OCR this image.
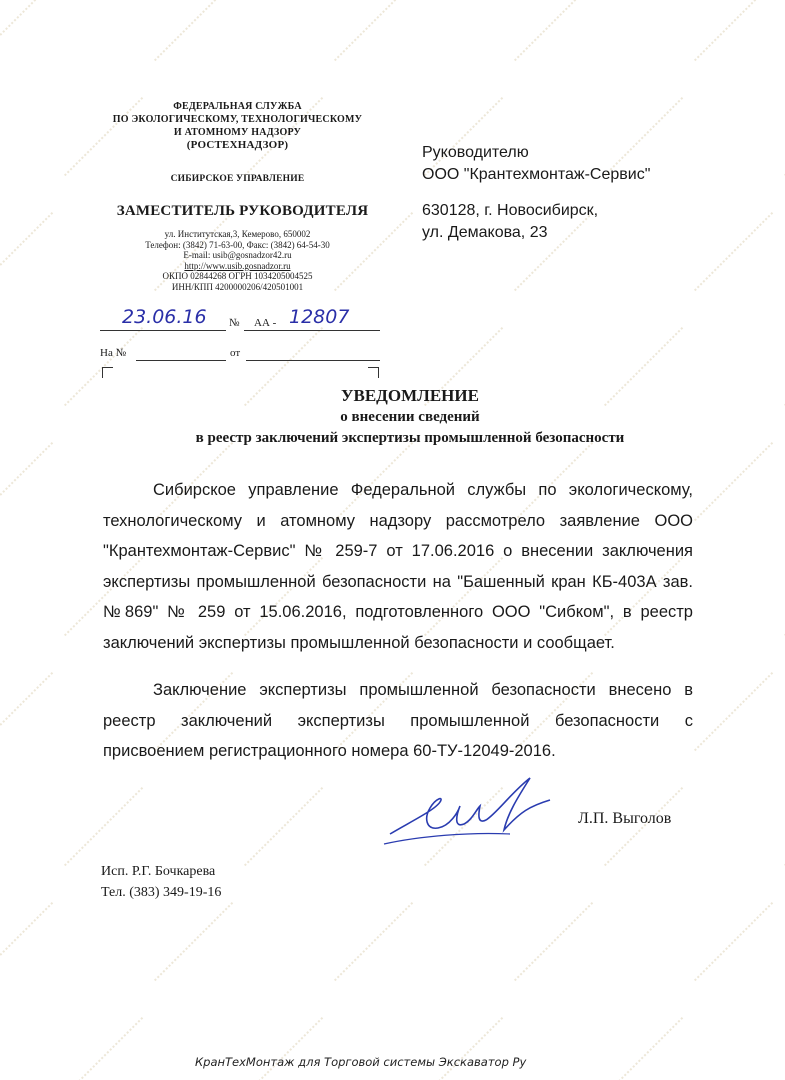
ФЕДЕРАЛЬНАЯ СЛУЖБА
ПО ЭКОЛОГИЧЕСКОМУ, ТЕХНОЛОГИЧЕСКОМУ
И АТОМНОМУ НАДЗОРУ
(РОСТЕХНАДЗОР)
СИБИРСКОЕ УПРАВЛЕНИЕ
ЗАМЕСТИТЕЛЬ РУКОВОДИТЕЛЯ
ул. Институтская,3, Кемерово, 650002
Телефон: (3842) 71-63-00, Факс: (3842) 64-54-30
E-mail: usib@gosnadzor42.ru
http://www.usib.gosnadzor.ru
ОКПО 02844268 ОГРН 1034205004525
ИНН/КПП 4200000206/420501001
23.06.16 № АА - 12807
На №	от
Руководителю
ООО "Крантехмонтаж-Сервис"
630128, г. Новосибирск,
ул. Демакова, 23
УВЕДОМЛЕНИЕ
о внесении сведений
в реестр заключений экспертизы промышленной безопасности
Сибирское управление Федеральной службы по экологическому, технологическому и атомному надзору рассмотрело заявление ООО "Крантехмонтаж-Сервис" № 259-7 от 17.06.2016 о внесении заключения экспертизы промышленной безопасности на "Башенный кран КБ-403А зав.№869" № 259 от 15.06.2016, подготовленного ООО "Сибком", в реестр заключений экспертизы промышленной безопасности и сообщает.
Заключение экспертизы промышленной безопасности внесено в реестр заключений экспертизы промышленной безопасности с присвоением регистрационного номера 60-ТУ-12049-2016.
Л.П. Выголов
Исп. Р.Г. Бочкарева
Тел. (383) 349-19-16
КранТехМонтаж для Торговой системы Экскаватор Ру
